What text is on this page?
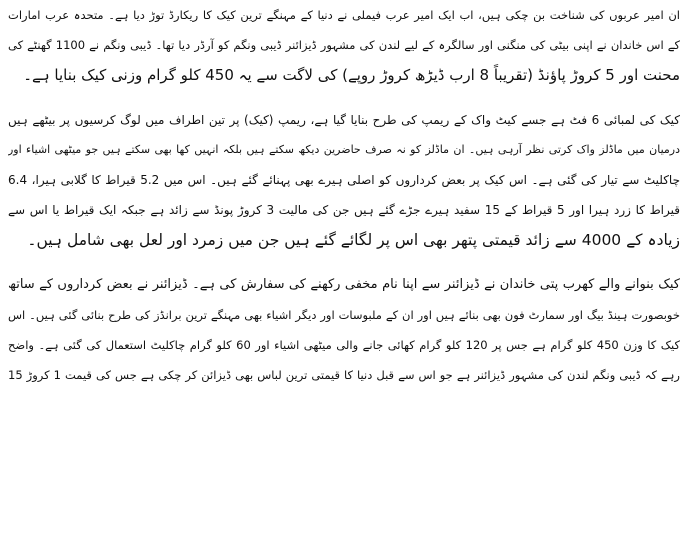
ان امیر عربوں کی شناخت بن چکی ہیں، اب ایک امیر عرب فیملی نے دنیا کے مہنگے ترین کیک کا ریکارڈ توڑ دیا ہے۔ متحدہ عرب امارات
کے اس خاندان نے اپنی بیٹی کی منگنی اور سالگرہ کے لیے لندن کی مشہور ڈیزائنر ڈیبی ونگم کو آرڈر دیا تھا۔ ڈیبی ونگم نے 1100 گھنٹے کی
محنت اور 5 کروڑ پاؤنڈ (تقریباً 8 ارب ڈیڑھ کروڑ روپے) کی لاگت سے یہ 450 کلو گرام وزنی کیک بنایا ہے۔
کیک کی لمبائی 6 فٹ ہے جسے کیٹ واک کے ریمپ کی طرح بنایا گیا ہے، ریمپ (کیک) پر تین اطراف میں لوگ کرسیوں پر بیٹھے ہیں
درمیان میں ماڈلز واک کرتی نظر آرہی ہیں۔ ان ماڈلز کو نہ صرف حاضرین دیکھ سکتے ہیں بلکہ انہیں کھا بھی سکتے ہیں جو میٹھی اشیاء اور
چاکلیٹ سے تیار کی گئی ہے۔ اس کیک پر بعض کرداروں کو اصلی ہیرے بھی پہنائے گئے ہیں۔ اس میں 5.2 قیراط کا گلابی ہیرا، 6.4
قیراط کا زرد ہیرا اور 5 قیراط کے 15 سفید ہیرے جڑے گئے ہیں جن کی مالیت 3 کروڑ پونڈ سے زائد ہے جبکہ ایک قیراط یا اس سے
زیادہ کے 4000 سے زائد قیمتی پتھر بھی اس پر لگائے گئے ہیں جن میں زمرد اور لعل بھی شامل ہیں۔
کیک بنوانے والے کھرب پتی خاندان نے ڈیزائنر سے اپنا نام مخفی رکھنے کی سفارش کی ہے۔ ڈیزائنر نے بعض کرداروں کے ساتھ
خوبصورت ہینڈ بیگ اور سمارٹ فون بھی بنائے ہیں اور ان کے ملبوسات اور دیگر اشیاء بھی مہنگے ترین برانڈز کی طرح بنائی گئی ہیں۔ اس
کیک کا وزن 450 کلو گرام ہے جس پر 120 کلو گرام کھائی جانے والی میٹھی اشیاء اور 60 کلو گرام چاکلیٹ استعمال کی گئی ہے۔ واضح
رہے کہ ڈیبی ونگم لندن کی مشہور ڈیزائنر ہے جو اس سے قبل دنیا کا قیمتی ترین لباس بھی ڈیزائن کر چکی ہے جس کی قیمت 1 کروڑ 15
